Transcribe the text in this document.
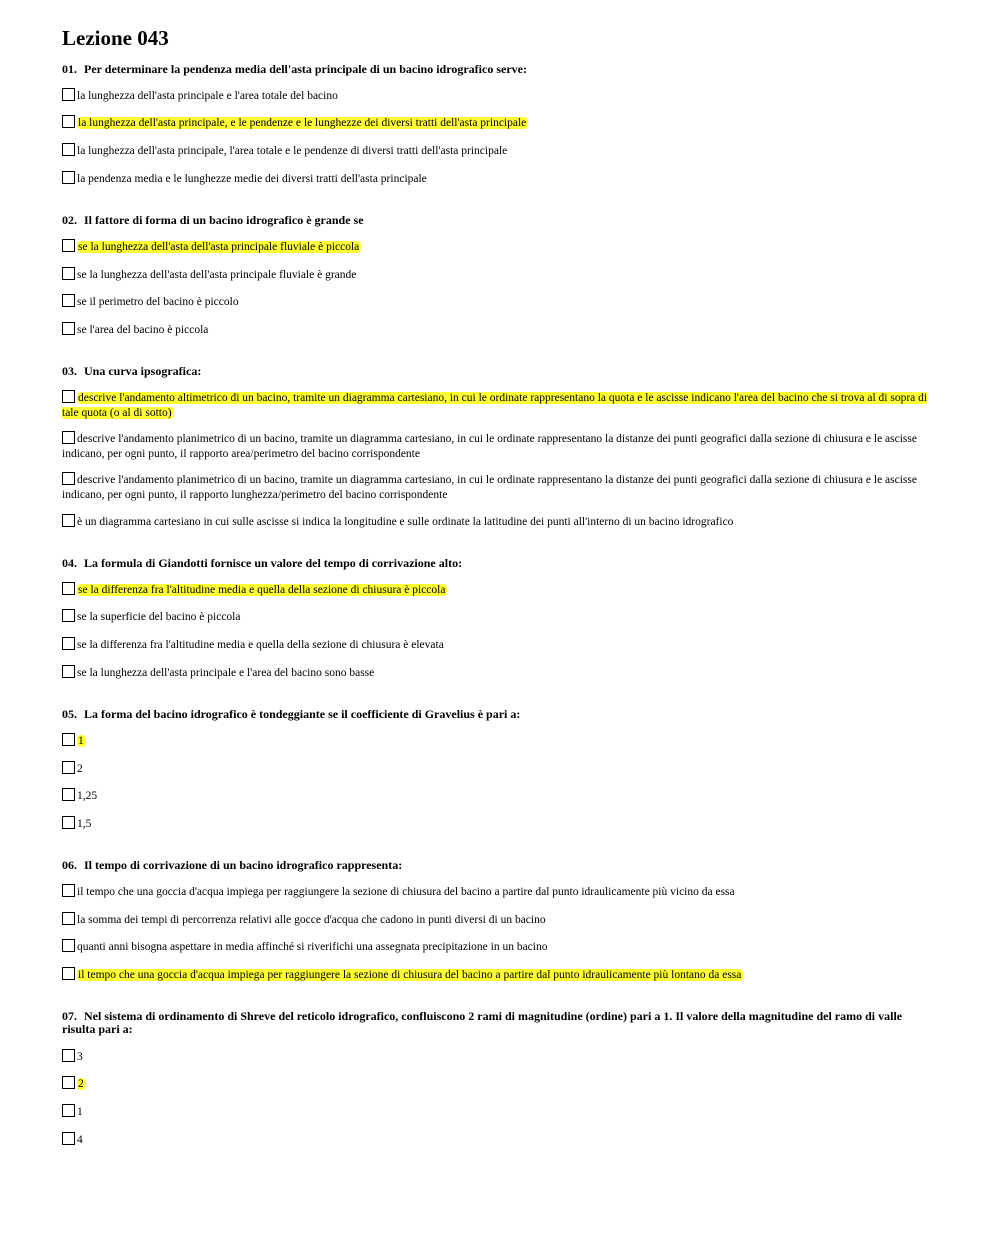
Lezione 043
01. Per determinare la pendenza media dell'asta principale di un bacino idrografico serve:
la lunghezza dell'asta principale e l'area totale del bacino
la lunghezza dell'asta principale, e le pendenze e le lunghezze dei diversi tratti dell'asta principale
la lunghezza dell'asta principale, l'area totale e le pendenze di diversi tratti dell'asta principale
la pendenza media e le lunghezze medie dei diversi tratti dell'asta principale
02. Il fattore di forma di un bacino idrografico è grande se
se la lunghezza dell'asta dell'asta principale fluviale è piccola
se la lunghezza dell'asta dell'asta principale fluviale è grande
se il perimetro del bacino è piccolo
se l'area del bacino è piccola
03. Una curva ipsografica:
descrive l'andamento altimetrico di un bacino, tramite un diagramma cartesiano, in cui le ordinate rappresentano la quota e le ascisse indicano l'area del bacino che si trova al di sopra di tale quota (o al di sotto)
descrive l'andamento planimetrico di un bacino, tramite un diagramma cartesiano, in cui le ordinate rappresentano la distanze dei punti geografici dalla sezione di chiusura e le ascisse indicano, per ogni punto, il rapporto area/perimetro del bacino corrispondente
descrive l'andamento planimetrico di un bacino, tramite un diagramma cartesiano, in cui le ordinate rappresentano la distanze dei punti geografici dalla sezione di chiusura e le ascisse indicano, per ogni punto, il rapporto lunghezza/perimetro del bacino corrispondente
è un diagramma cartesiano in cui sulle ascisse si indica la longitudine e sulle ordinate la latitudine dei punti all'interno di un bacino idrografico
04. La formula di Giandotti fornisce un valore del tempo di corrivazione alto:
se la differenza fra l'altitudine media e quella della sezione di chiusura è piccola
se la superficie del bacino è piccola
se la differenza fra l'altitudine media e quella della sezione di chiusura è elevata
se la lunghezza dell'asta principale e l'area del bacino sono basse
05. La forma del bacino idrografico è tondeggiante se il coefficiente di Gravelius è pari a:
1
2
1,25
1,5
06. Il tempo di corrivazione di un bacino idrografico rappresenta:
il tempo che una goccia d'acqua impiega per raggiungere la sezione di chiusura del bacino a partire dal punto idraulicamente più vicino da essa
la somma dei tempi di percorrenza relativi alle gocce d'acqua che cadono in punti diversi di un bacino
quanti anni bisogna aspettare in media affinché si riverifichi una assegnata precipitazione in un bacino
il tempo che una goccia d'acqua impiega per raggiungere la sezione di chiusura del bacino a partire dal punto idraulicamente più lontano da essa
07. Nel sistema di ordinamento di Shreve del reticolo idrografico, confluiscono 2 rami di magnitudine (ordine) pari a 1. Il valore della magnitudine del ramo di valle risulta pari a:
3
2
1
4
